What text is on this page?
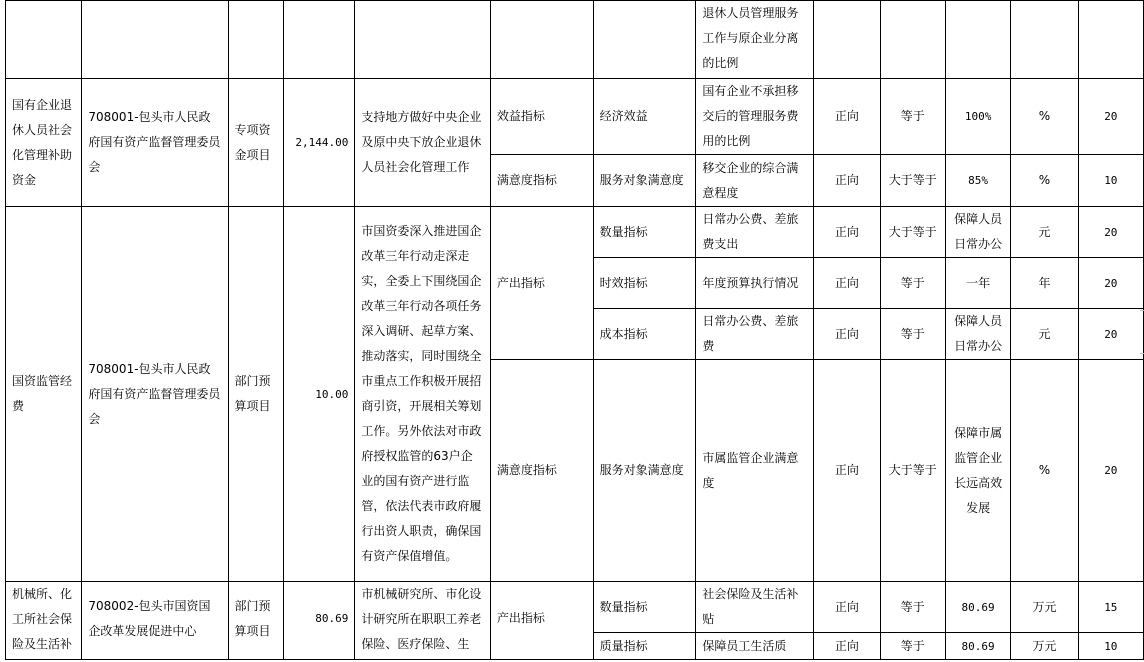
							退休人员管理服务工作与原企业分离的比例					
国有企业退休人员社会化管理补助资金	708001-包头市人民政府国有资产监督管理委员会	专项资金项目	2,144.00	支持地方做好中央企业及原中央下放企业退休人员社会化管理工作	效益指标	经济效益	国有企业不承担移交后的管理服务费用的比例	正向	等于	100%	%	20
					满意度指标	服务对象满意度	移交企业的综合满意程度	正向	大于等于	85%	%	10
国资监管经费	708001-包头市人民政府国有资产监督管理委员会	部门预算项目	10.00	市国资委深入推进国企改革三年行动走深走实，全委上下围绕国企改革三年行动各项任务深入调研、起草方案、推动落实，同时围绕全市重点工作积极开展招商引资，开展相关筹划工作。另外依法对市政府授权监管的63户企业的国有资产进行监管，依法代表市政府履行出资人职责，确保国有资产保值增值。	产出指标	数量指标	日常办公费、差旅费支出	正向	大于等于	保障人员日常办公	元	20
						时效指标	年度预算执行情况	正向	等于	一年	年	20
						成本指标	日常办公费、差旅费	正向	等于	保障人员日常办公	元	20
					满意度指标	服务对象满意度	市属监管企业满意度	正向	大于等于	保障市属监管企业长远高效发展	%	20
机械所、化工所社会保险及生活补	708002-包头市国资国企改革发展促进中心	部门预算项目	80.69	市机械研究所、市化设计研究所在职职工养老保险、医疗保险、生	产出指标	数量指标	社会保险及生活补贴	正向	等于	80.69	万元	15
						质量指标	保障员工生活质	正向	等于	80.69	万元	10
